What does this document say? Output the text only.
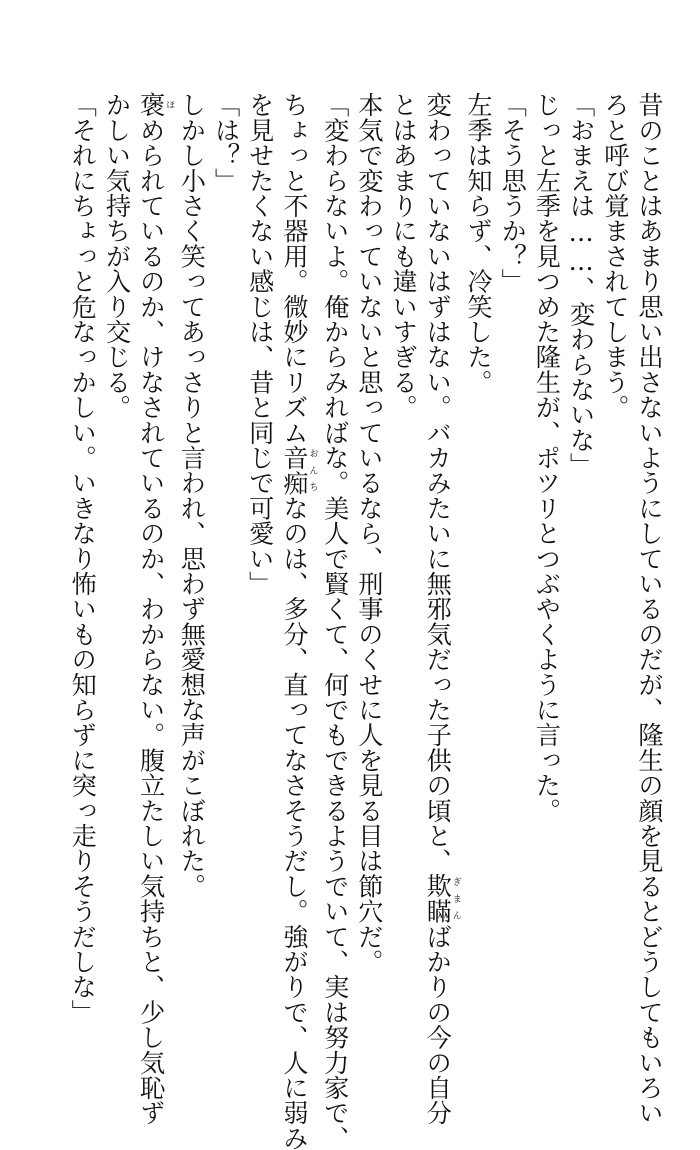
昔のことはあまり思い出さないようにしているのだが、隆生の顔を見るとどうしてもいろい
ろと呼び覚まされてしまう。
「おまえは……、変わらないな」
じっと左季を見つめた隆生が、ポツリとつぶやくように言った。
「そう思うか？」
左季は知らず、冷笑した。
変わっていないはずはない。バカみたいに無邪気だった子供の頃と、欺瞞ぎまんばかりの今の自分
とはあまりにも違いすぎる。
本気で変わっていないと思っているなら、刑事のくせに人を見る目は節穴だ。
「変わらないよ。俺からみればな。美人で賢くて、何でもできるようでいて、実は努力家で、
ちょっと不器用。微妙にリズム音痴おんちなのは、多分、直ってなさそうだし。強がりで、人に弱み
を見せたくない感じは、昔と同じで可愛い」
「は？」
しかし小さく笑ってあっさりと言われ、思わず無愛想な声がこぼれた。
褒ほめられているのか、けなされているのか、わからない。腹立たしい気持ちと、少し気恥ず
かしい気持ちが入り交じる。
「それにちょっと危なっかしい。いきなり怖いもの知らずに突っ走りそうだしな」
